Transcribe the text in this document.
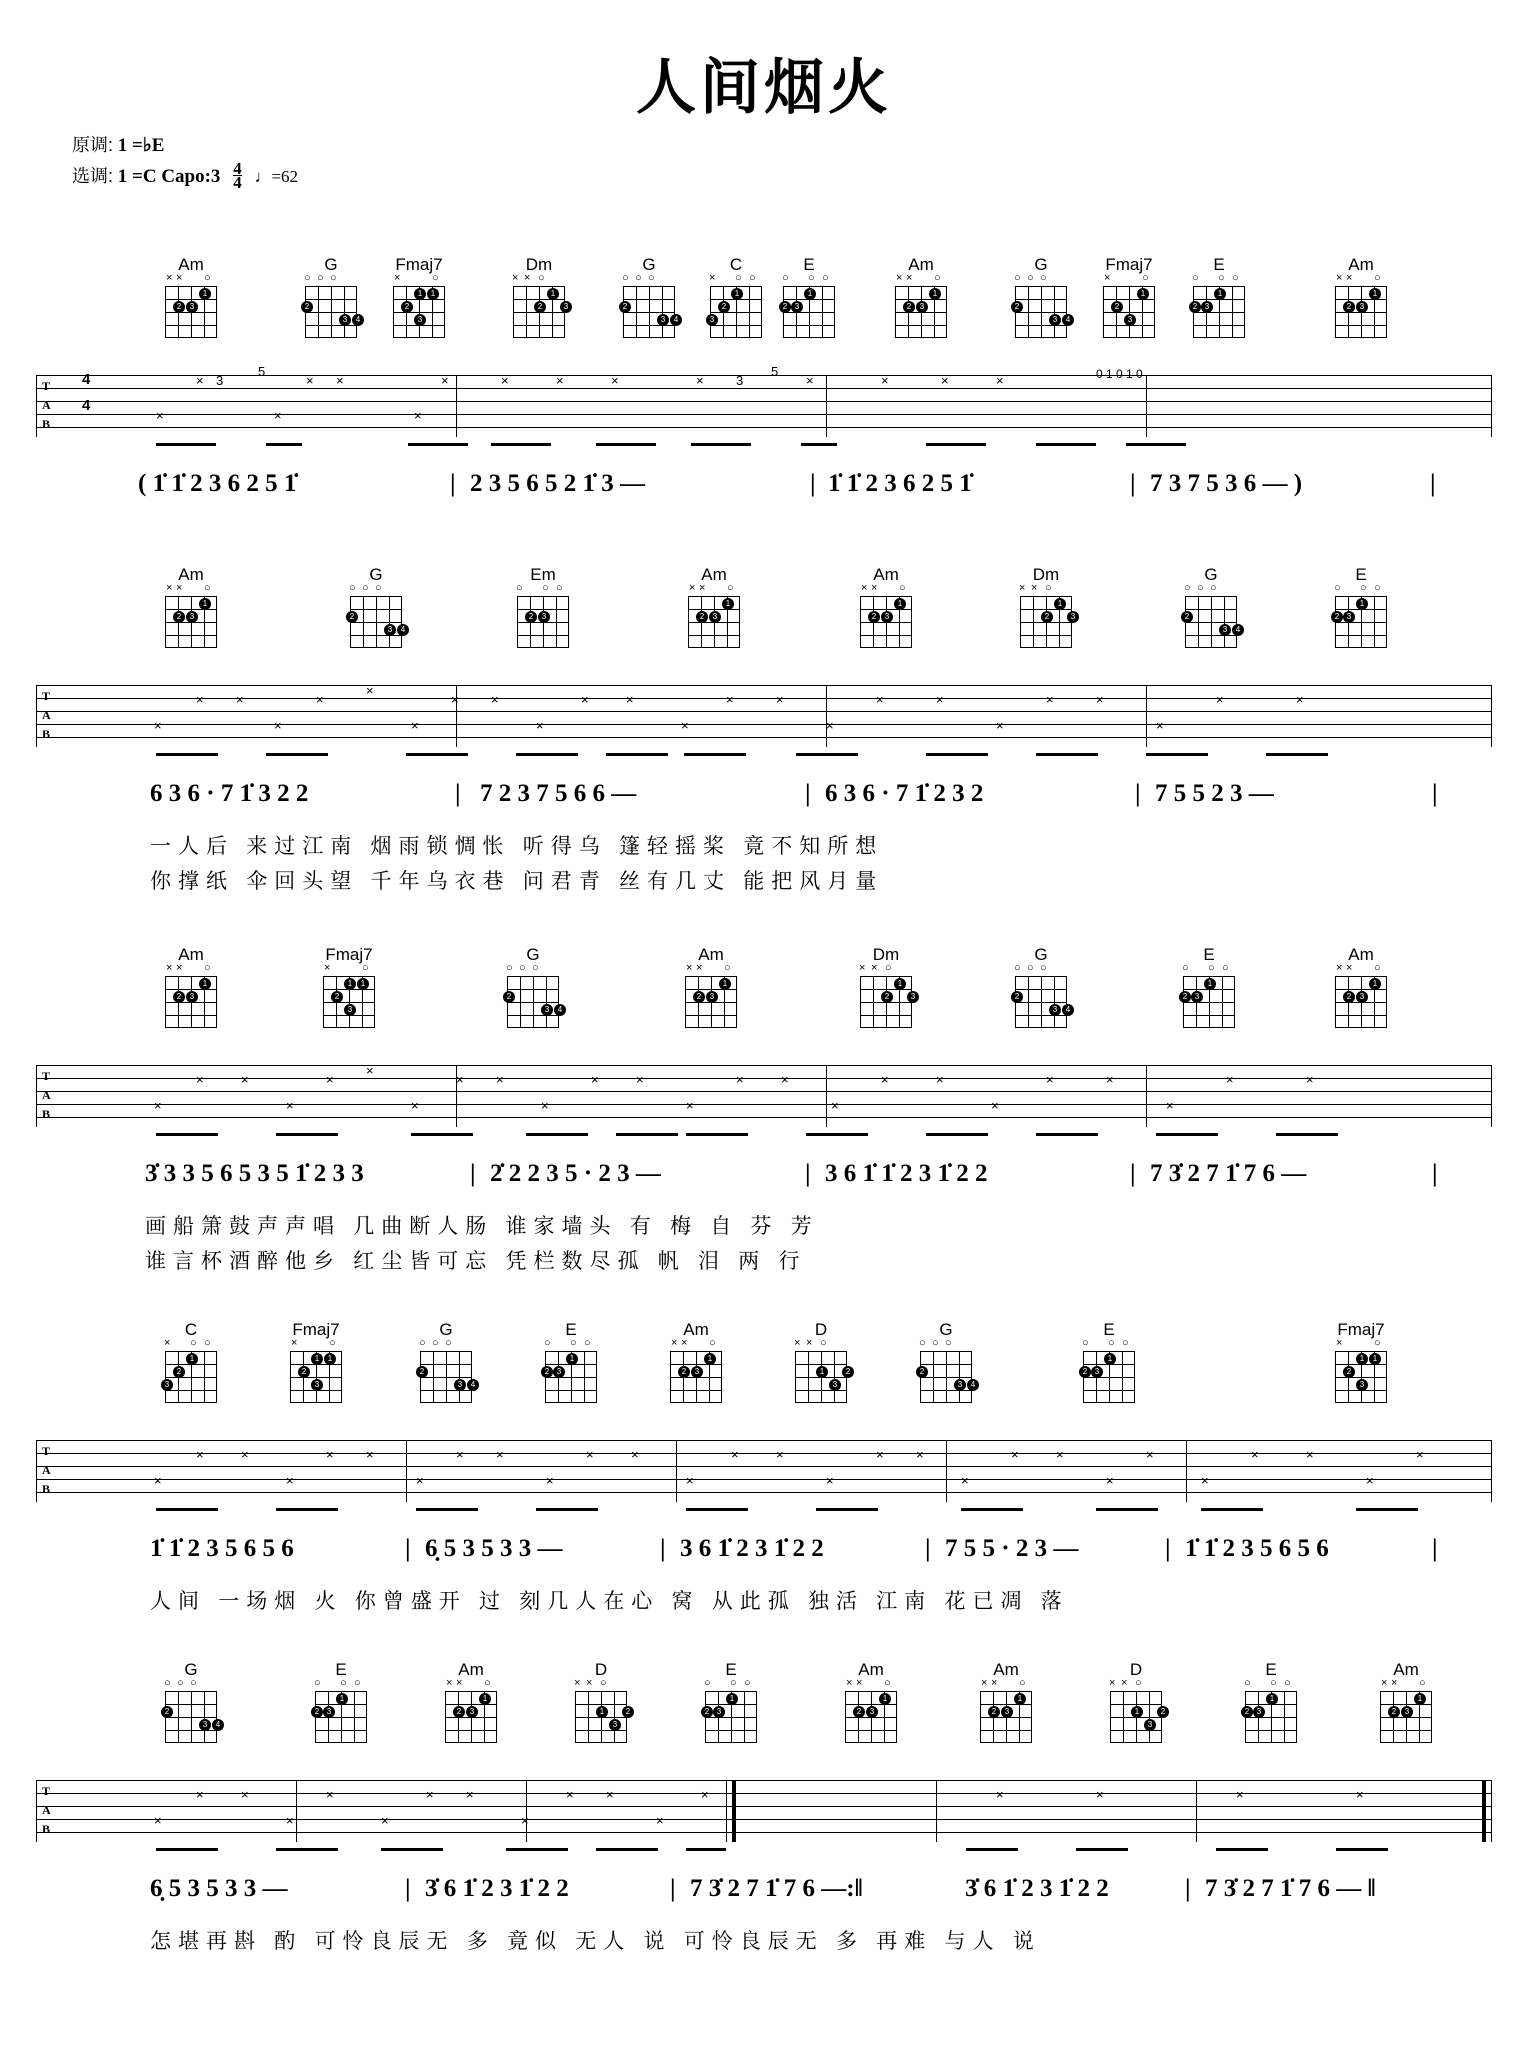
人间烟火
原调: 1 =♭E
选调: 1 =C Capo:3 $\frac{4}{4}$ ♩=62
Am
× × ○
2	3
1
G
○ ○ ○
2
3	4
Fmaj7
×	○
1
1
2
3
Dm
× × ○
1
2	3
G
○ ○ ○
2
3	4
C
× ○ ○
1
2
3
E
○ ○ ○
1
2 3
Am
× × ○
2	3
1
G
○ ○ ○
2
3	4
Fmaj7
×	○
1
2
3
E
○ ○ ○
1
2 3
Am
× × ○
2	3
1
T
A
B
4
4
×
× 3
5
×
×
×
×
×	×	×	×	× 3
5
×	×	×	×	0 1 0 1 0
( 1̇ 1̇ 2 3 6 2 5 1̇	2 3 5 6 5 2 1̇ 3 —	1̇ 1̇ 2 3 6 2 5 1̇	7 3 7 5 3 6 — )
|	|	|	|
Am
× × ○
2	3
1
G
○ ○ ○
2
3	4
Em
○ ○ ○
2	3
Am
× × ○
2	3
1
Am
× × ○
2	3
1
Dm
× × ○
1
2	3
G
○ ○ ○
2
3	4
E
○ ○ ○
1
2 3
T
A
B
×
× ×
×
×
×
×
× ×
×
×	×
×
×	×
×
×	×
×
×	×
×
×	×
6 3 6 · 7 1̇ 3 2 2	7 2 3 7 5 6 6 —	6 3 6 · 7 1̇ 2 3 2	7 5 5 2 3 —
|	|	|	|
一人后 来过江南 烟雨锁惆怅 听得乌 篷轻摇桨 竟不知所想
你撑纸 伞回头望 千年乌衣巷 问君青 丝有几丈 能把风月量
Am
× × ○
2	3
1
Fmaj7
×	○
1
1
2
3
G
○ ○ ○
2
3	4
Am
× × ○
2	3
1
Dm
× × ○
1
2	3
G
○ ○ ○
2
3	4
E
○ ○ ○
1
2 3
Am
× × ○
2	3
1
T
A
B
×
×	×
×
×
×
×
× ×
×
×	×
×
×	×
×
×	×
×
×	×
×
×	×
3̇ 3 3 5 6 5 3 5 1̇ 2 3 3	2̇ 2 2 3 5 · 2 3 —	3 6 1̇ 1̇ 2 3 1̇ 2 2	7 3̇ 2 7 1̇ 7 6 —
|	|	|	|
画船箫鼓声声唱 几曲断人肠 谁家墙头 有 梅 自 芬 芳
谁言杯酒醉他乡 红尘皆可忘 凭栏数尽孤 帆 泪 两 行
C
× ○ ○
1
2
3
Fmaj7
×	○
1
1
2
3
G
○ ○ ○
2
3	4
E
○ ○ ○
1
2 3
Am
× × ○
2	3
1
D
× × ○
1	2
3
G
○ ○ ○
2
3	4
E
○ ○ ○
1
2 3
Fmaj7
×	○
1
1
2
3
T
A
B
×
×	×
×
× ×
×
× ×
×
×	×
×
×	×
×
× ×
×
×	×
×
×
×
×	×
×
×
1̇ 1̇ 2 3 5 6 5 6	6̣ 5 3 5 3 3 —	3 6 1̇ 2 3 1̇ 2 2	7 5 5 · 2 3 —	1̇ 1̇ 2 3 5 6 5 6
|	|	|	|	|
人间 一场烟 火 你曾盛开 过 刻几人在心 窝 从此孤 独活 江南 花已凋 落
G
○ ○ ○
2
3	4
E
○ ○ ○
1
2 3
Am
× × ○
2	3
1
D
× × ○
1	2
3
E
○ ○ ○
1
2 3
Am
× × ○
2	3
1
Am
× × ○
2	3
1
D
× × ○
1	2
3
E
○ ○ ○
1
2 3
Am
× × ○
2	3
1
T
A
B
×
×	×
×
×
×
× ×
×
× ×
×
×	×	×	×	×
6̣ 5 3 5 3 3 —	3̇ 6 1̇ 2 3 1̇ 2 2	7 3̇ 2 7 1̇ 7 6 —:‖	3̇ 6 1̇ 2 3 1̇ 2 2	7 3̇ 2 7 1̇ 7 6 — ‖
|	|	|
怎堪再斟 酌 可怜良辰无 多 竟似 无人 说 可怜良辰无 多 再难 与人 说
